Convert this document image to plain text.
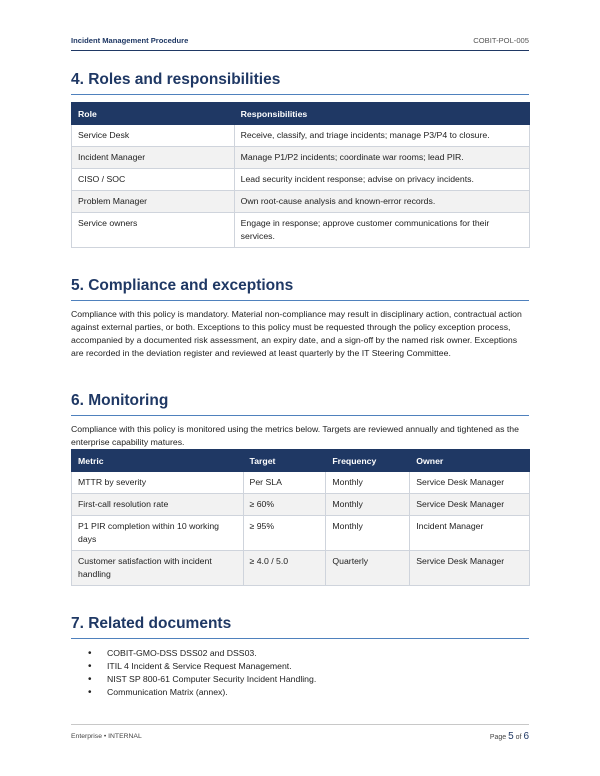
Incident Management Procedure	COBIT-POL-005
4. Roles and responsibilities
Role	Responsibilities
Service Desk	Receive, classify, and triage incidents; manage P3/P4 to closure.
Incident Manager	Manage P1/P2 incidents; coordinate war rooms; lead PIR.
CISO / SOC	Lead security incident response; advise on privacy incidents.
Problem Manager	Own root-cause analysis and known-error records.
Service owners	Engage in response; approve customer communications for their services.
5. Compliance and exceptions

Compliance with this policy is mandatory. Material non-compliance may result in disciplinary action, contractual action against external parties, or both. Exceptions to this policy must be requested through the policy exception process, accompanied by a documented risk assessment, an expiry date, and a sign-off by the named risk owner. Exceptions are recorded in the deviation register and reviewed at least quarterly by the IT Steering Committee.

6. Monitoring

Compliance with this policy is monitored using the metrics below. Targets are reviewed annually and tightened as the enterprise capability matures.

Metric	Target	Frequency	Owner
MTTR by severity	Per SLA	Monthly	Service Desk Manager
First-call resolution rate	≥ 60%	Monthly	Service Desk Manager
P1 PIR completion within 10 working days	≥ 95%	Monthly	Incident Manager
Customer satisfaction with incident handling	≥ 4.0 / 5.0	Quarterly	Service Desk Manager
7. Related documents
• COBIT-GMO-DSS DSS02 and DSS03.
• ITIL 4 Incident & Service Request Management.
• NIST SP 800-61 Computer Security Incident Handling.
• Communication Matrix (annex).
Enterprise • INTERNAL	Page 5 of 6
